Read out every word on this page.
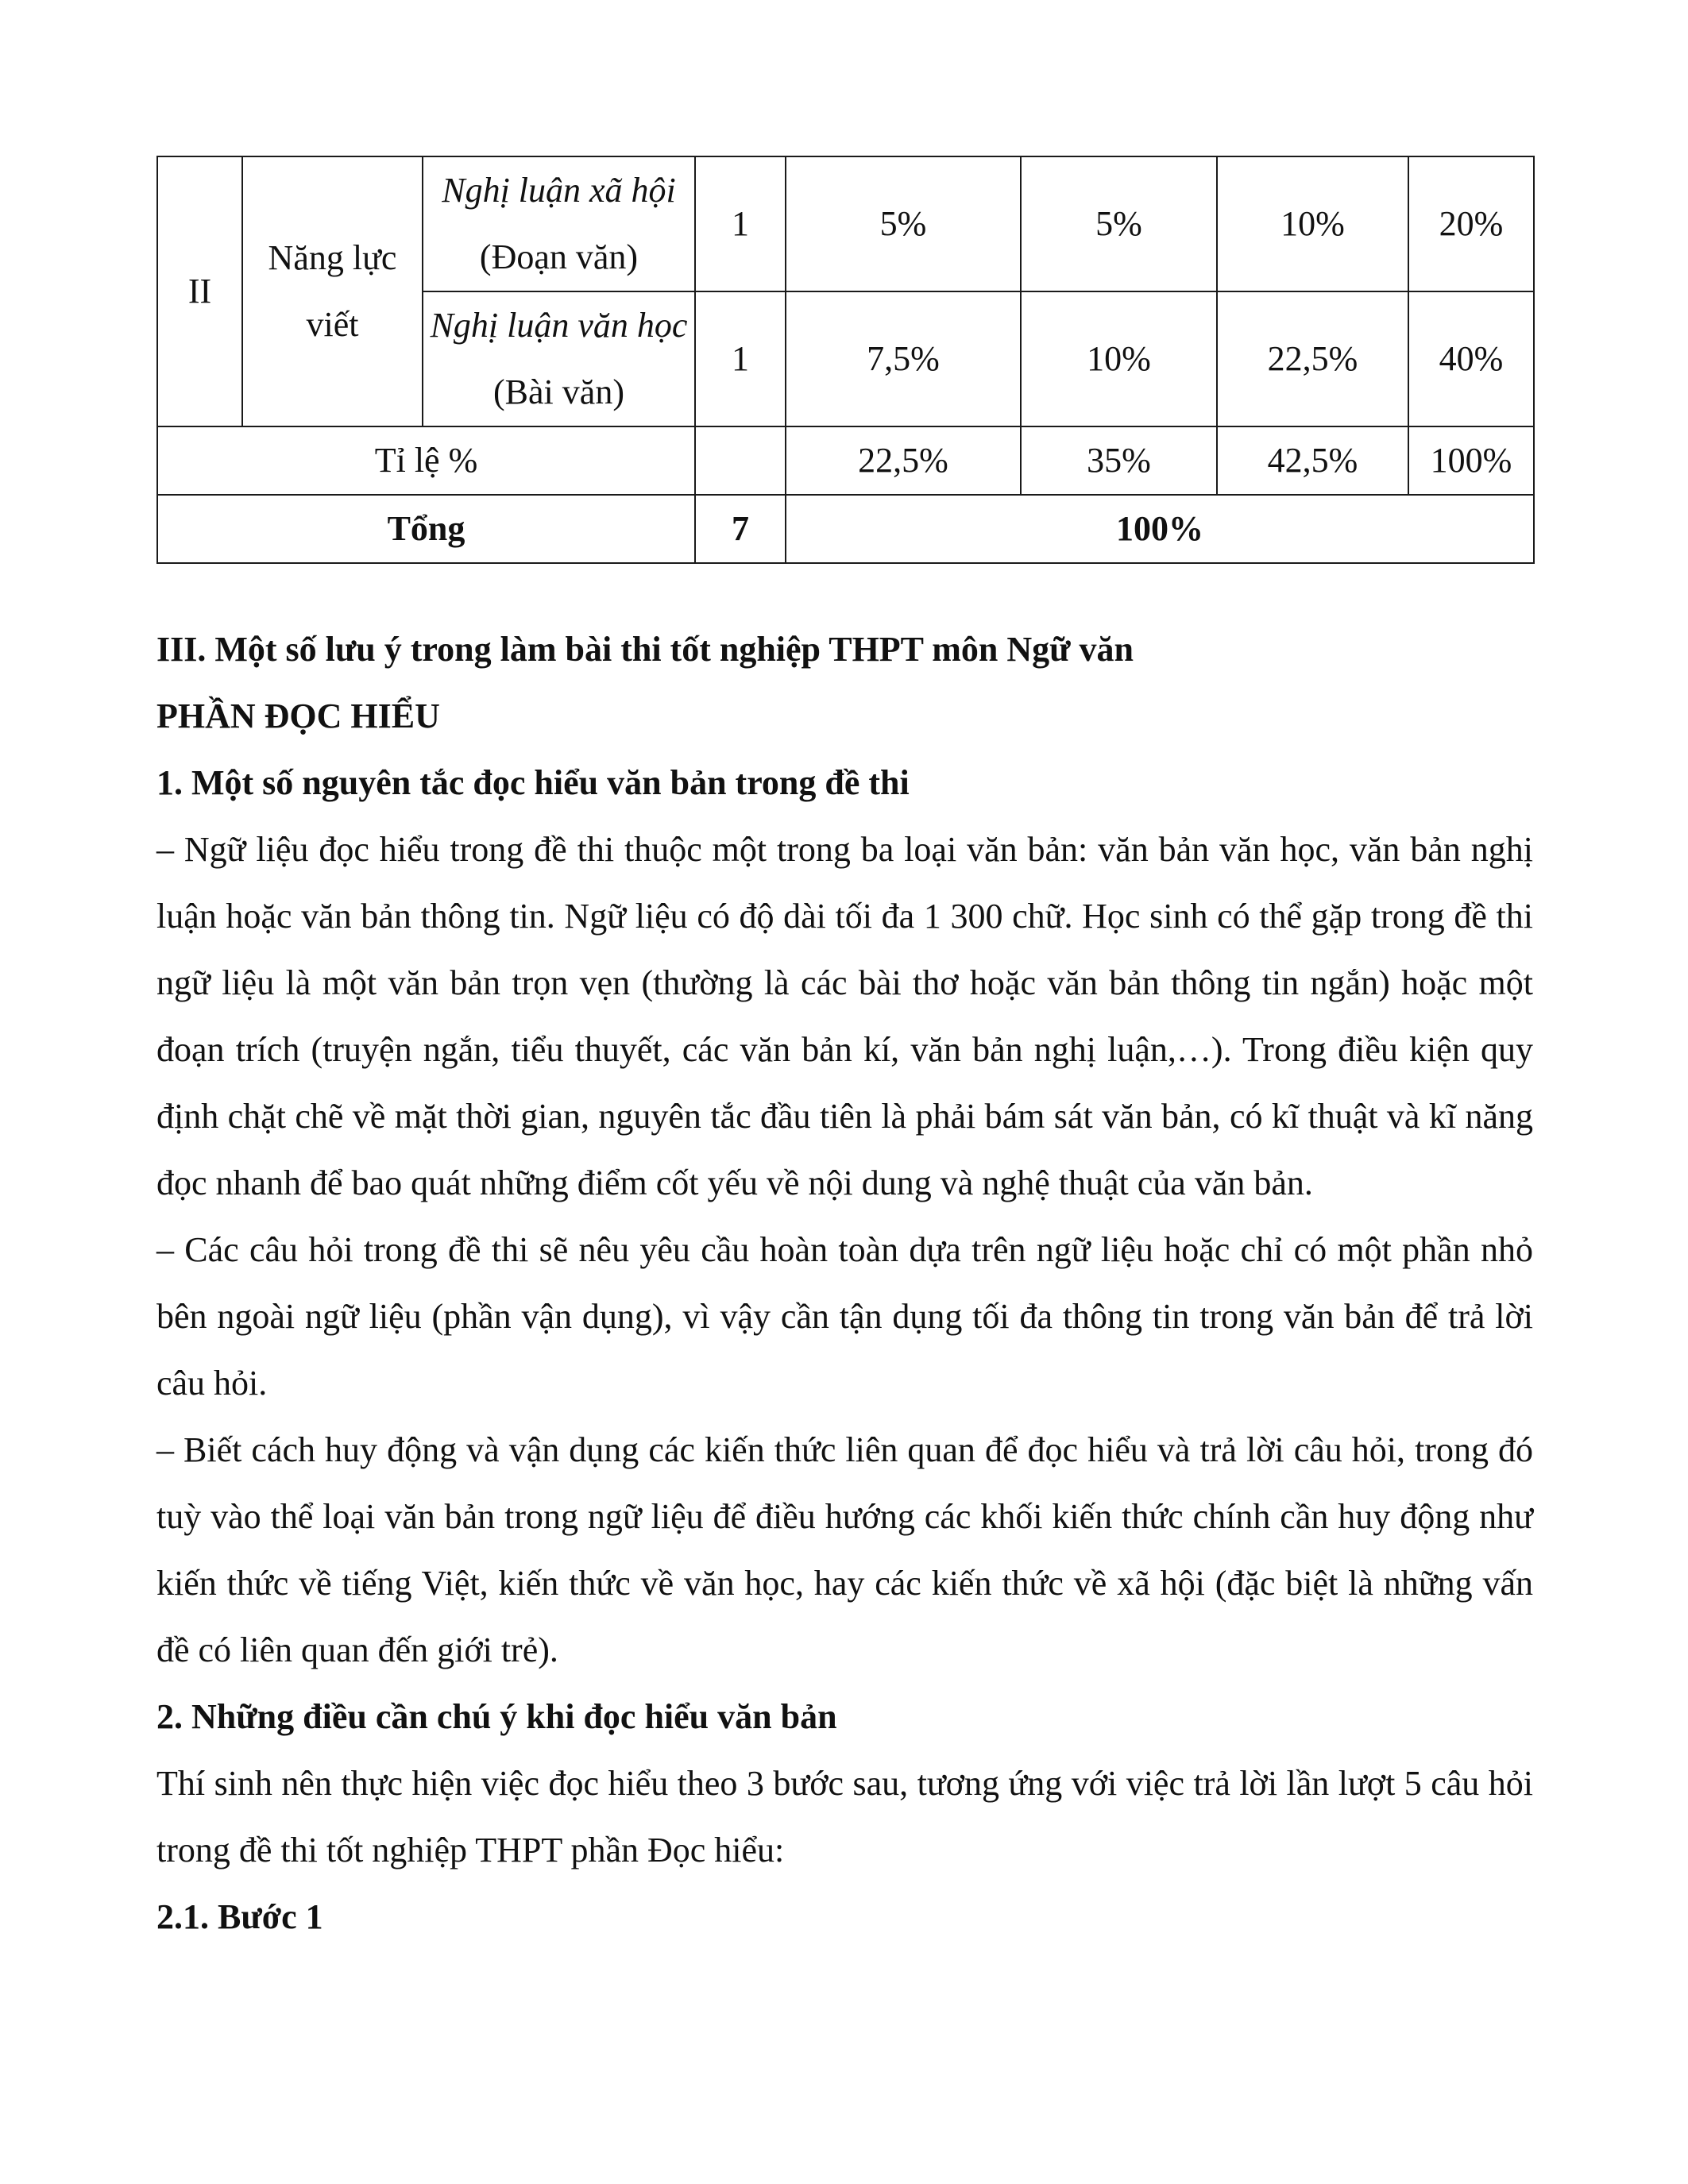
II	Năng lực viết	Nghị luận xã hội (Đoạn văn)	1	5%	5%	10%	20%
		Nghị luận văn học (Bài văn)	1	7,5%	10%	22,5%	40%
Tỉ lệ %				22,5%	35%	42,5%	100%
Tổng			7	100%			

III. Một số lưu ý trong làm bài thi tốt nghiệp THPT môn Ngữ văn

PHẦN ĐỌC HIỂU

1. Một số nguyên tắc đọc hiểu văn bản trong đề thi

– Ngữ liệu đọc hiểu trong đề thi thuộc một trong ba loại văn bản: văn bản văn học, văn bản nghị luận hoặc văn bản thông tin. Ngữ liệu có độ dài tối đa 1 300 chữ. Học sinh có thể gặp trong đề thi ngữ liệu là một văn bản trọn vẹn (thường là các bài thơ hoặc văn bản thông tin ngắn) hoặc một đoạn trích (truyện ngắn, tiểu thuyết, các văn bản kí, văn bản nghị luận,…). Trong điều kiện quy định chặt chẽ về mặt thời gian, nguyên tắc đầu tiên là phải bám sát văn bản, có kĩ thuật và kĩ năng đọc nhanh để bao quát những điểm cốt yếu về nội dung và nghệ thuật của văn bản.

– Các câu hỏi trong đề thi sẽ nêu yêu cầu hoàn toàn dựa trên ngữ liệu hoặc chỉ có một phần nhỏ bên ngoài ngữ liệu (phần vận dụng), vì vậy cần tận dụng tối đa thông tin trong văn bản để trả lời câu hỏi.

– Biết cách huy động và vận dụng các kiến thức liên quan để đọc hiểu và trả lời câu hỏi, trong đó tuỳ vào thể loại văn bản trong ngữ liệu để điều hướng các khối kiến thức chính cần huy động như kiến thức về tiếng Việt, kiến thức về văn học, hay các kiến thức về xã hội (đặc biệt là những vấn đề có liên quan đến giới trẻ).

2. Những điều cần chú ý khi đọc hiểu văn bản

Thí sinh nên thực hiện việc đọc hiểu theo 3 bước sau, tương ứng với việc trả lời lần lượt 5 câu hỏi trong đề thi tốt nghiệp THPT phần Đọc hiểu:

2.1. Bước 1
